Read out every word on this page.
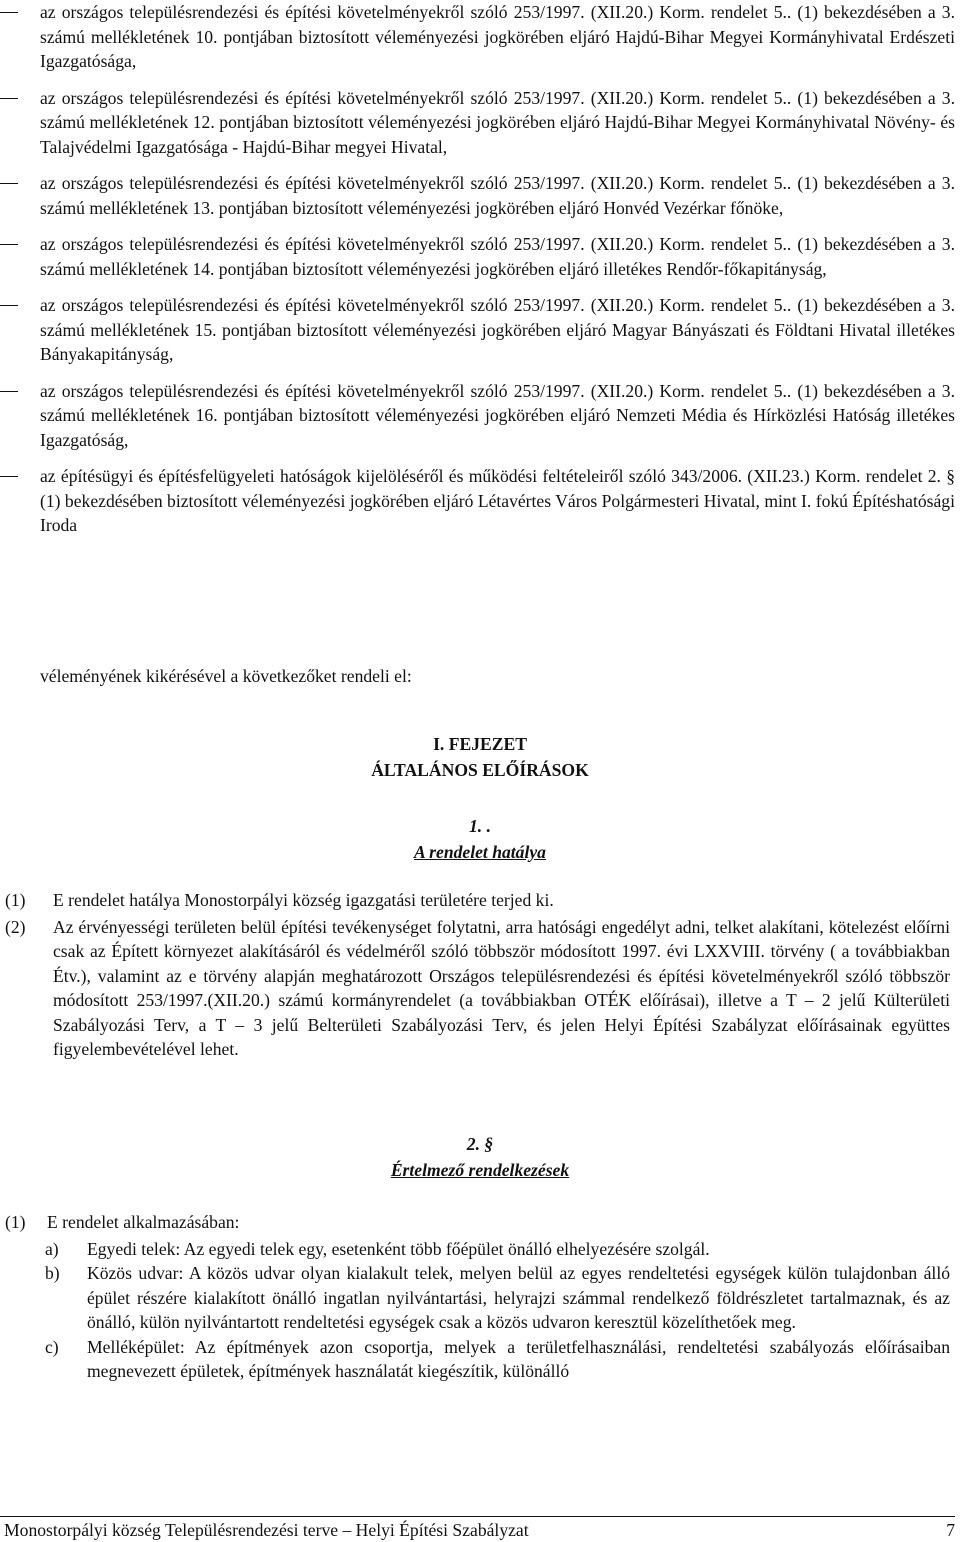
az országos településrendezési és építési követelményekről szóló 253/1997. (XII.20.) Korm. rendelet 5.. (1) bekezdésében a 3. számú mellékletének 10. pontjában biztosított véleményezési jogkörében eljáró Hajdú-Bihar Megyei Kormányhivatal Erdészeti Igazgatósága,
az országos településrendezési és építési követelményekről szóló 253/1997. (XII.20.) Korm. rendelet 5.. (1) bekezdésében a 3. számú mellékletének 12. pontjában biztosított véleményezési jogkörében eljáró Hajdú-Bihar Megyei Kormányhivatal Növény- és Talajvédelmi Igazgatósága - Hajdú-Bihar megyei Hivatal,
az országos településrendezési és építési követelményekről szóló 253/1997. (XII.20.) Korm. rendelet 5.. (1) bekezdésében a 3. számú mellékletének 13. pontjában biztosított véleményezési jogkörében eljáró Honvéd Vezérkar főnöke,
az országos településrendezési és építési követelményekről szóló 253/1997. (XII.20.) Korm. rendelet 5.. (1) bekezdésében a 3. számú mellékletének 14. pontjában biztosított véleményezési jogkörében eljáró illetékes Rendőr-főkapitányság,
az országos településrendezési és építési követelményekről szóló 253/1997. (XII.20.) Korm. rendelet 5.. (1) bekezdésében a 3. számú mellékletének 15. pontjában biztosított véleményezési jogkörében eljáró Magyar Bányászati és Földtani Hivatal illetékes Bányakapitányság,
az országos településrendezési és építési követelményekről szóló 253/1997. (XII.20.) Korm. rendelet 5.. (1) bekezdésében a 3. számú mellékletének 16. pontjában biztosított véleményezési jogkörében eljáró Nemzeti Média és Hírközlési Hatóság illetékes Igazgatóság,
az építésügyi és építésfelügyeleti hatóságok kijelöléséről és működési feltételeiről szóló 343/2006. (XII.23.) Korm. rendelet 2. § (1) bekezdésében biztosított véleményezési jogkörében eljáró Létavértes Város Polgármesteri Hivatal, mint I. fokú Építéshatósági Iroda
véleményének kikérésével a következőket rendeli el:
I. FEJEZET
ÁLTALÁNOS ELŐÍRÁSOK
1. .
A rendelet hatálya
(1) E rendelet hatálya Monostorpályi község igazgatási területére terjed ki.
(2) Az érvényességi területen belül építési tevékenységet folytatni, arra hatósági engedélyt adni, telket alakítani, kötelezést előírni csak az Épített környezet alakításáról és védelméről szóló többször módosított 1997. évi LXXVIII. törvény ( a továbbiakban Étv.), valamint az e törvény alapján meghatározott Országos településrendezési és építési követelményekről szóló többször módosított 253/1997.(XII.20.) számú kormányrendelet (a továbbiakban OTÉK előírásai), illetve a T – 2 jelű Külterületi Szabályozási Terv, a T – 3 jelű Belterületi Szabályozási Terv, és jelen Helyi Építési Szabályzat előírásainak együttes figyelembevételével lehet.
2. §
Értelmező rendelkezések
(1) E rendelet alkalmazásában:
a) Egyedi telek: Az egyedi telek egy, esetenként több főépület önálló elhelyezésére szolgál.
b) Közös udvar: A közös udvar olyan kialakult telek, melyen belül az egyes rendeltetési egységek külön tulajdonban álló épület részére kialakított önálló ingatlan nyilvántartási, helyrajzi számmal rendelkező földrészletet tartalmaznak, és az önálló, külön nyilvántartott rendeltetési egységek csak a közös udvaron keresztül közelíthetőek meg.
c) Melléképület: Az építmények azon csoportja, melyek a területfelhasználási, rendeltetési szabályozás előírásaiban megnevezett épületek, építmények használatát kiegészítik, különálló
Monostorpályi község Településrendezési terve – Helyi Építési Szabályzat	7
